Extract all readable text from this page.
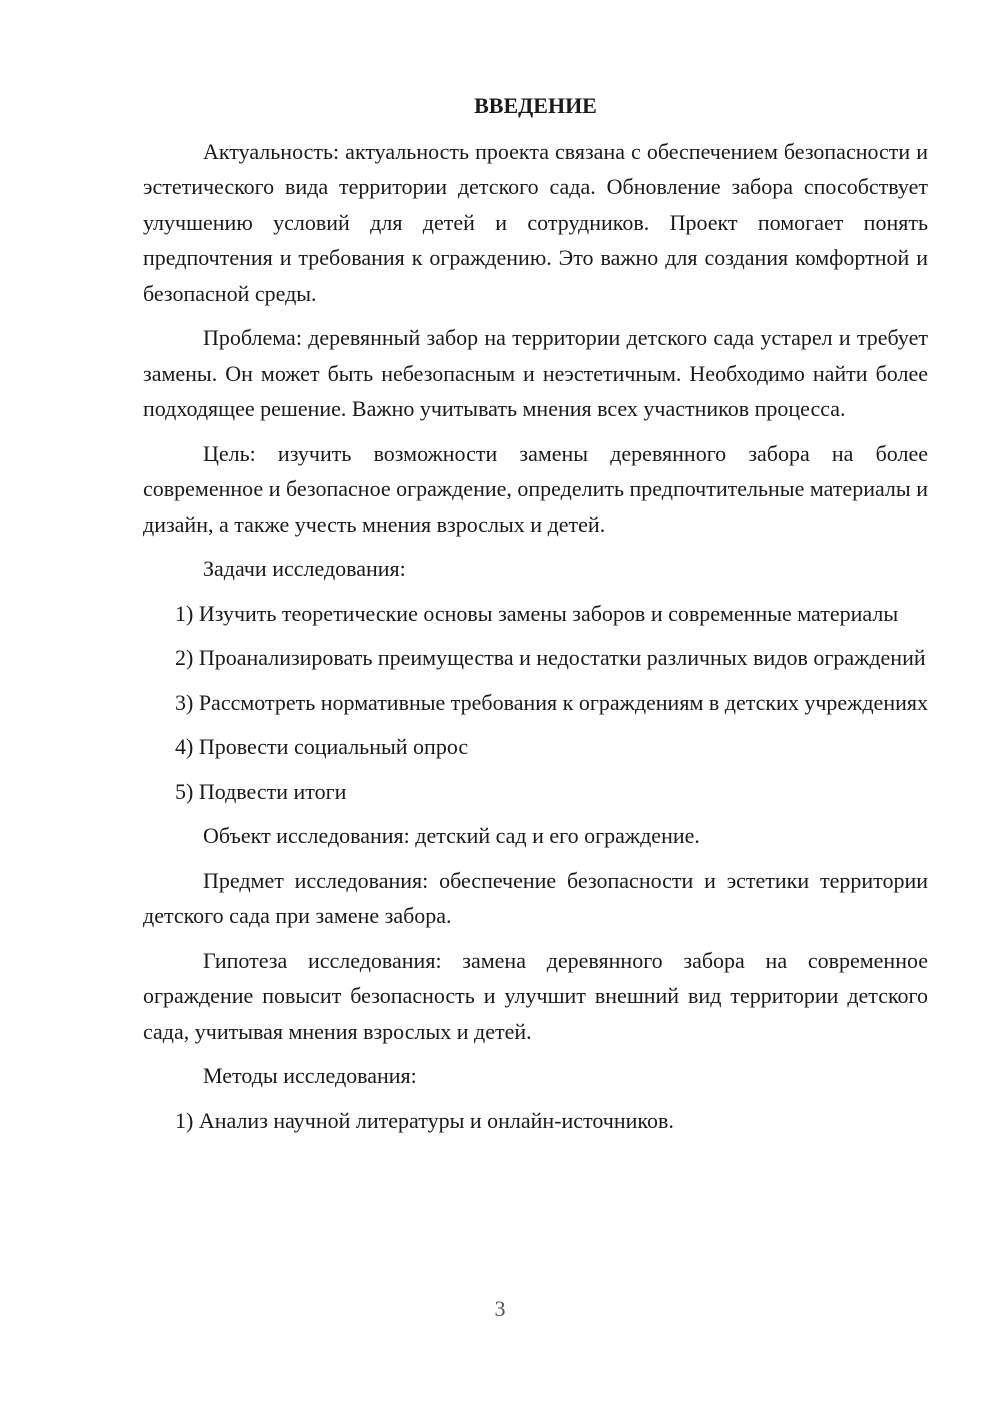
ВВЕДЕНИЕ

Актуальность: актуальность проекта связана с обеспечением безопасности и эстетического вида территории детского сада. Обновление забора способствует улучшению условий для детей и сотрудников. Проект помогает понять предпочтения и требования к ограждению. Это важно для создания комфортной и безопасной среды.

Проблема: деревянный забор на территории детского сада устарел и требует замены. Он может быть небезопасным и неэстетичным. Необходимо найти более подходящее решение. Важно учитывать мнения всех участников процесса.

Цель: изучить возможности замены деревянного забора на более современное и безопасное ограждение, определить предпочтительные материалы и дизайн, а также учесть мнения взрослых и детей.

Задачи исследования:

1) Изучить теоретические основы замены заборов и современные материалы

2) Проанализировать преимущества и недостатки различных видов ограждений

3) Рассмотреть нормативные требования к ограждениям в детских учреждениях

4) Провести социальный опрос

5) Подвести итоги

Объект исследования: детский сад и его ограждение.

Предмет исследования: обеспечение безопасности и эстетики территории детского сада при замене забора.

Гипотеза исследования: замена деревянного забора на современное ограждение повысит безопасность и улучшит внешний вид территории детского сада, учитывая мнения взрослых и детей.

Методы исследования:

1) Анализ научной литературы и онлайн-источников.

3
